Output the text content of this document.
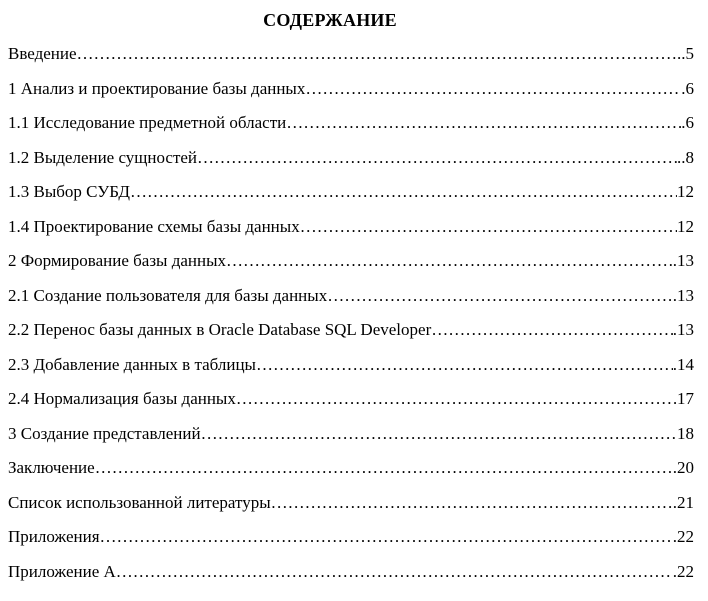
СОДЕРЖАНИЕ
Введение ……………………………………………………………………………………………………………………………………………………………………………………	..5
1 Анализ и проектирование базы данных ……………………………………………………………………………………………………………………………………………………………………………………	.6
1.1 Исследование предметной области ……………………………………………………………………………………………………………………………………………………………………………………	.6
1.2 Выделение сущностей ……………………………………………………………………………………………………………………………………………………………………………………	..8
1.3 Выбор СУБД ……………………………………………………………………………………………………………………………………………………………………………………	12
1.4 Проектирование схемы базы данных ……………………………………………………………………………………………………………………………………………………………………………………	12
2 Формирование базы данных ……………………………………………………………………………………………………………………………………………………………………………………	.13
2.1 Создание пользователя для базы данных ……………………………………………………………………………………………………………………………………………………………………………………	.13
2.2 Перенос базы данных в Oracle Database SQL Developer ……………………………………………………………………………………………………………………………………………………………………………………	.13
2.3 Добавление данных в таблицы ……………………………………………………………………………………………………………………………………………………………………………………	.14
2.4 Нормализация базы данных ……………………………………………………………………………………………………………………………………………………………………………………	17
3 Создание представлений ……………………………………………………………………………………………………………………………………………………………………………………	18
Заключение ……………………………………………………………………………………………………………………………………………………………………………………	.20
Список использованной литературы ……………………………………………………………………………………………………………………………………………………………………………………	.21
Приложения ……………………………………………………………………………………………………………………………………………………………………………………	.22
Приложение А ……………………………………………………………………………………………………………………………………………………………………………………	.22
